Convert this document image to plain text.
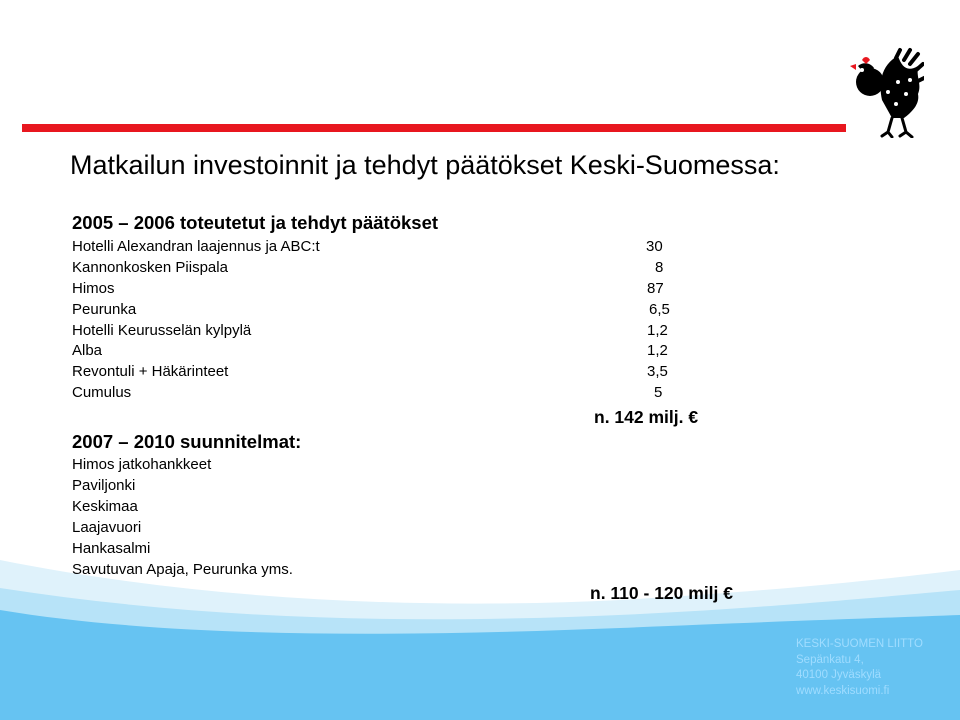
Matkailun investoinnit ja tehdyt päätökset Keski-Suomessa:
2005 – 2006 toteutetut ja tehdyt päätökset
Hotelli Alexandran laajennus ja ABC:t	30
Kannonkosken Piispala	8
Himos	87
Peurunka	6,5
Hotelli Keurusselän kylpylä	1,2
Alba	1,2
Revontuli + Häkärinteet	3,5
Cumulus	5
n. 142 milj. €
2007 – 2010 suunnitelmat:
Himos jatkohankkeet
Paviljonki
Keskimaa
Laajavuori
Hankasalmi
Savutuvan Apaja, Peurunka yms.
n. 110 - 120 milj €
KESKI-SUOMEN LIITTO
Sepänkatu 4,
40100 Jyväskylä
www.keskisuomi.fi
